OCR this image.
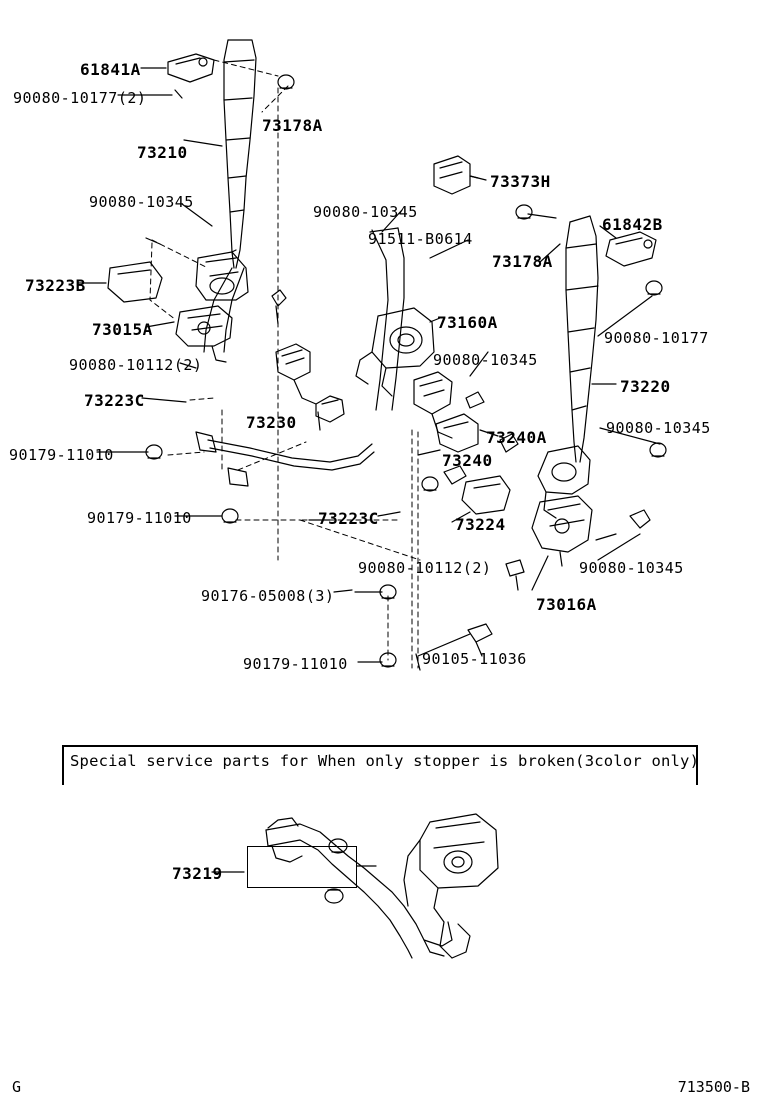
Special service parts for When only stopper is broken(3color only)
61841A
90080-10177(2)
73178A
73210
73373H
90080-10345
90080-10345
61842B
91511-B0614
73178A
73223B
90080-10177
73015A	73160A
90080-10345
90080-10112(2)
73220
73223C
73230
73240A	90080-10345
73240
90179-11010
90179-11010	73223C	73224
90080-10345
90080-10112(2)
73016A
90176-05008(3)
90179-11010	90105-11036
73219
G	713500-B
